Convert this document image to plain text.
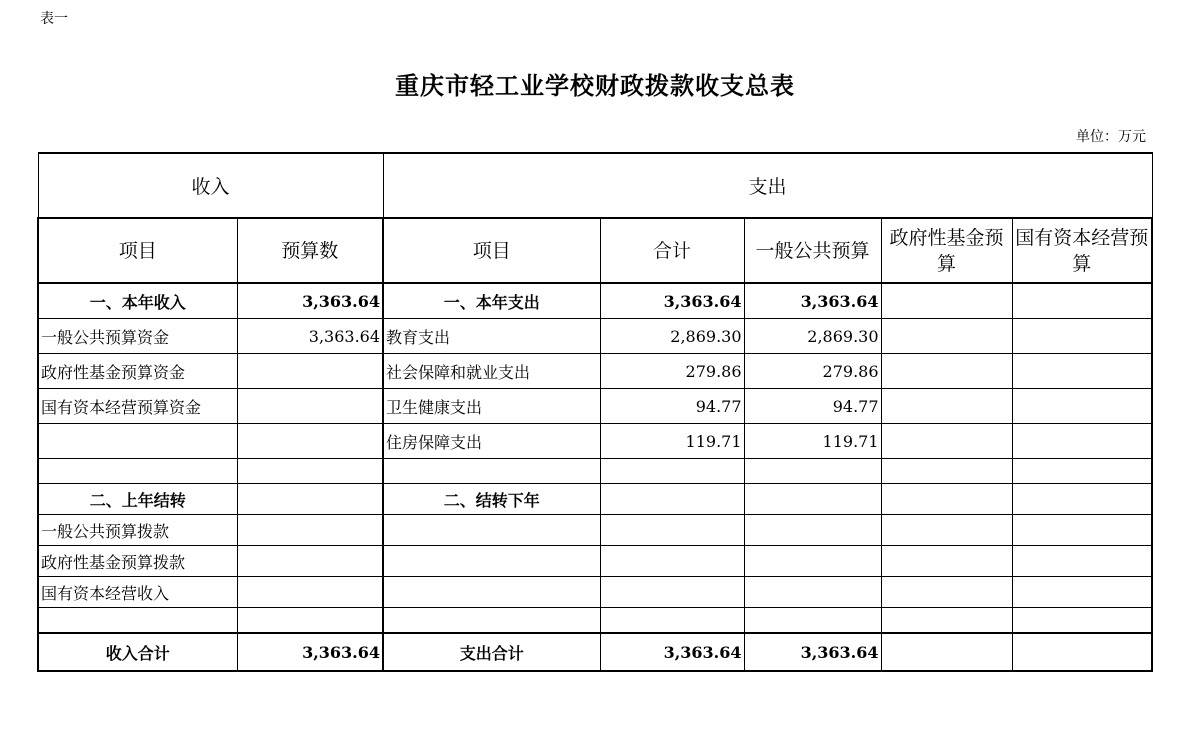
表一
重庆市轻工业学校财政拨款收支总表
单位：万元
收入		支出				
项目	预算数	项目	合计	一般公共预算	政府性基金预算	国有资本经营预算
一、本年收入	3,363.64	一、本年支出	3,363.64	3,363.64		
一般公共预算资金	3,363.64	教育支出	2,869.30	2,869.30		
政府性基金预算资金		社会保障和就业支出	279.86	279.86		
国有资本经营预算资金		卫生健康支出	94.77	94.77		
		住房保障支出	119.71	119.71		

二、上年结转		二、结转下年				
一般公共预算拨款						
政府性基金预算拨款						
国有资本经营收入						

收入合计	3,363.64	支出合计	3,363.64	3,363.64		
